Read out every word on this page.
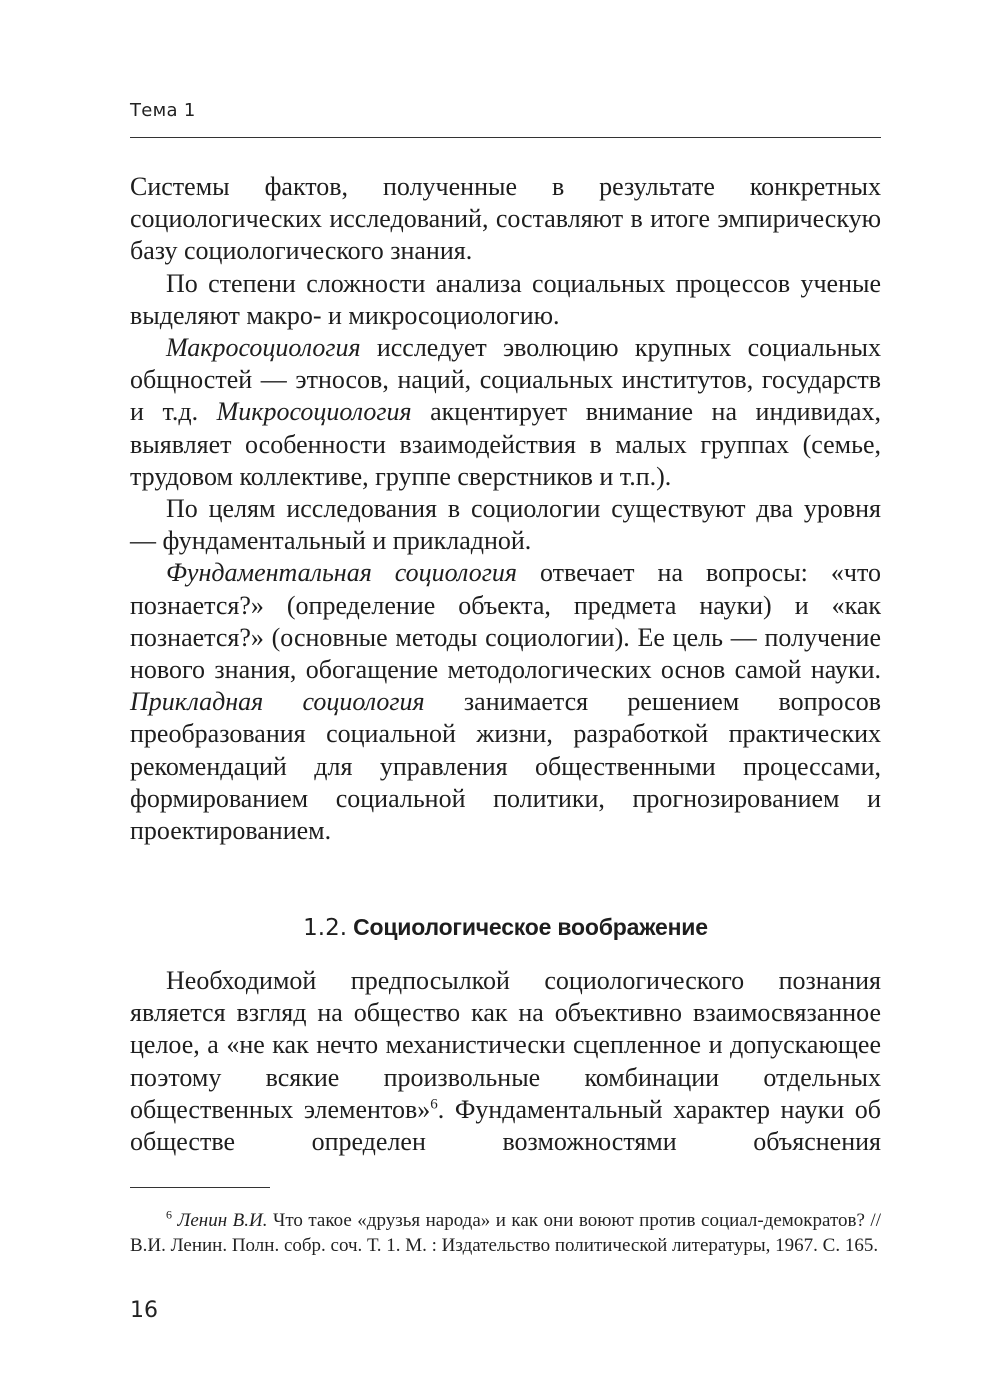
Тема 1

Системы фактов, полученные в результате конкретных социологических исследований, составляют в итоге эмпирическую базу социологического знания.

По степени сложности анализа социальных процессов ученые выделяют макро- и микросоциологию.

Макросоциология исследует эволюцию крупных социальных общностей — этносов, наций, социальных институтов, государств и т.д. Микросоциология акцентирует внимание на индивидах, выявляет особенности взаимодействия в малых группах (семье, трудовом коллективе, группе сверстников и т.п.).

По целям исследования в социологии существуют два уровня — фундаментальный и прикладной.

Фундаментальная социология отвечает на вопросы: «что познается?» (определение объекта, предмета науки) и «как познается?» (основные методы социологии). Ее цель — получение нового знания, обогащение методологических основ самой науки. Прикладная социология занимается решением вопросов преобразования социальной жизни, разработкой практических рекомендаций для управления общественными процессами, формированием социальной политики, прогнозированием и проектированием.

1.2. Социологическое воображение

Необходимой предпосылкой социологического познания является взгляд на общество как на объективно взаимосвязанное целое, а «не как нечто механистически сцепленное и допускающее поэтому всякие произвольные комбинации отдельных общественных элементов»$^6$. Фундаментальный характер науки об обществе определен возможностями объяснения

$^6$ Ленин В.И. Что такое «друзья народа» и как они воюют против социал-демократов? // В.И. Ленин. Полн. собр. соч. Т. 1. М. : Издательство политической литературы, 1967. С. 165.

16
